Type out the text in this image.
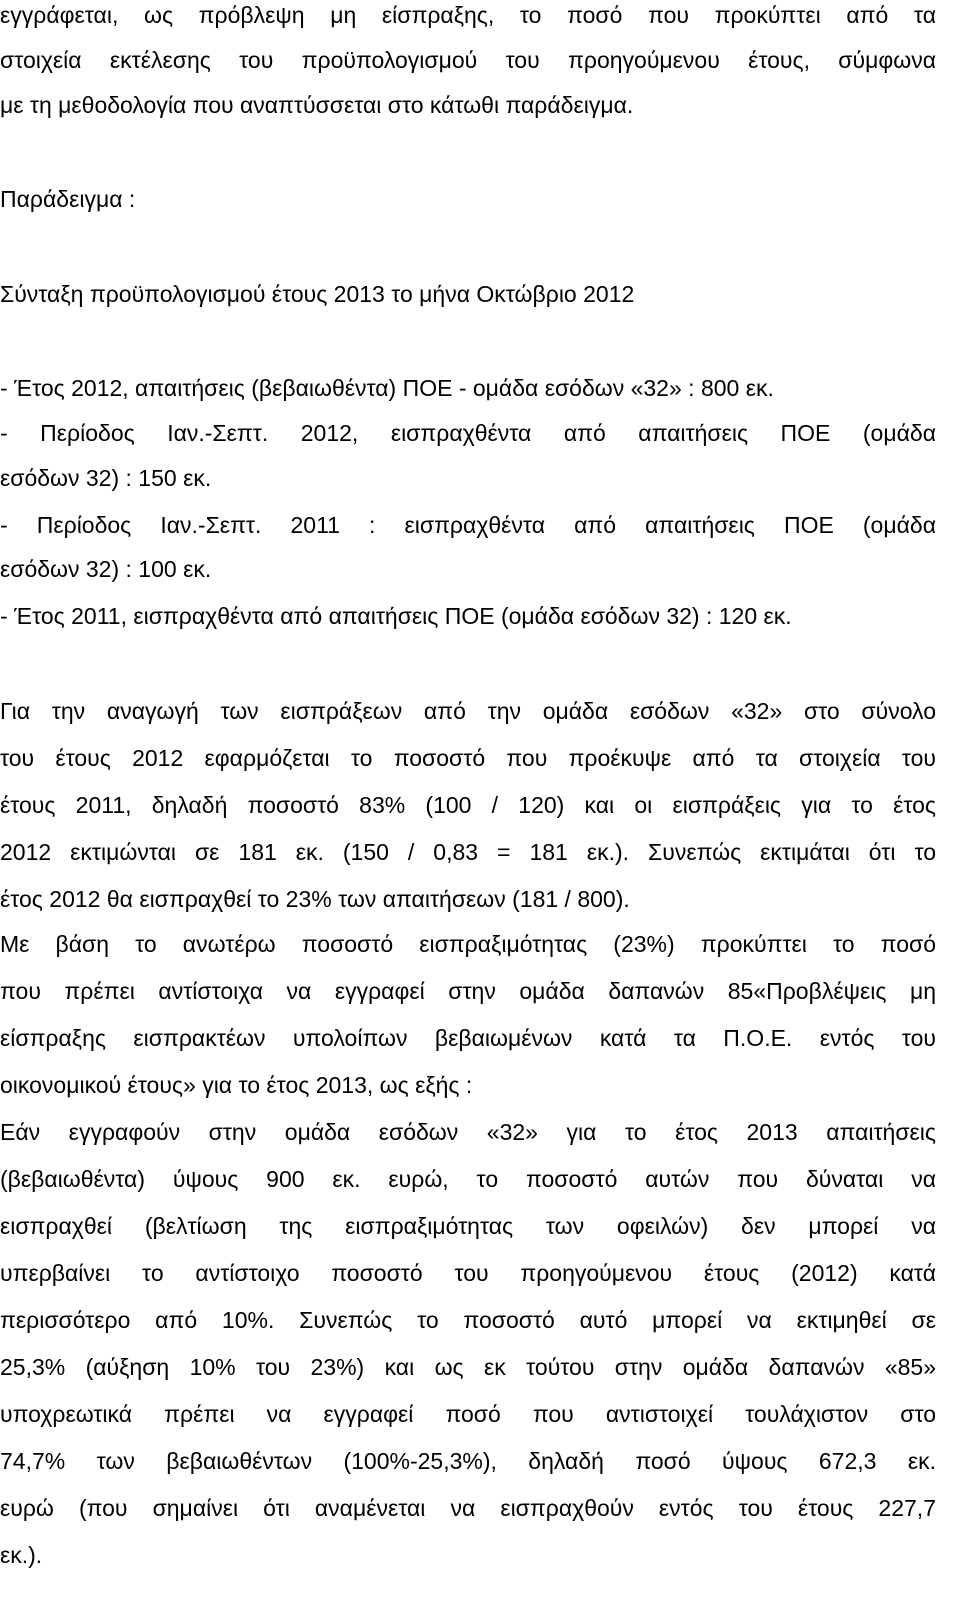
εγγράφεται, ως πρόβλεψη μη είσπραξης, το ποσό που προκύπτει από τα
στοιχεία εκτέλεσης του προϋπολογισμού του προηγούμενου έτους, σύμφωνα
με τη μεθοδολογία που αναπτύσσεται στο κάτωθι παράδειγμα.
Παράδειγμα :
Σύνταξη προϋπολογισμού έτους 2013 το μήνα Οκτώβριο 2012
- Έτος 2012, απαιτήσεις (βεβαιωθέντα) ΠΟΕ - ομάδα εσόδων «32» : 800 εκ.
- Περίοδος Ιαν.-Σεπτ. 2012, εισπραχθέντα από απαιτήσεις ΠΟΕ (ομάδα
εσόδων 32) : 150 εκ.
- Περίοδος Ιαν.-Σεπτ. 2011 : εισπραχθέντα από απαιτήσεις ΠΟΕ (ομάδα
εσόδων 32) : 100 εκ.
- Έτος 2011, εισπραχθέντα από απαιτήσεις ΠΟΕ (ομάδα εσόδων 32) : 120 εκ.
Για την αναγωγή των εισπράξεων από την ομάδα εσόδων «32» στο σύνολο
του έτους 2012 εφαρμόζεται το ποσοστό που προέκυψε από τα στοιχεία του
έτους 2011, δηλαδή ποσοστό 83% (100 / 120) και οι εισπράξεις για το έτος
2012 εκτιμώνται σε 181 εκ. (150 / 0,83 = 181 εκ.). Συνεπώς εκτιμάται ότι το
έτος 2012 θα εισπραχθεί το 23% των απαιτήσεων (181 / 800).
Με βάση το ανωτέρω ποσοστό εισπραξιμότητας (23%) προκύπτει το ποσό
που πρέπει αντίστοιχα να εγγραφεί στην ομάδα δαπανών 85«Προβλέψεις μη
είσπραξης εισπρακτέων υπολοίπων βεβαιωμένων κατά τα Π.Ο.Ε. εντός του
οικονομικού έτους» για το έτος 2013, ως εξής :
Εάν εγγραφούν στην ομάδα εσόδων «32» για το έτος 2013 απαιτήσεις
(βεβαιωθέντα) ύψους 900 εκ. ευρώ, το ποσοστό αυτών που δύναται να
εισπραχθεί (βελτίωση της εισπραξιμότητας των οφειλών) δεν μπορεί να
υπερβαίνει το αντίστοιχο ποσοστό του προηγούμενου έτους (2012) κατά
περισσότερο από 10%. Συνεπώς το ποσοστό αυτό μπορεί να εκτιμηθεί σε
25,3% (αύξηση 10% του 23%) και ως εκ τούτου στην ομάδα δαπανών «85»
υποχρεωτικά πρέπει να εγγραφεί ποσό που αντιστοιχεί τουλάχιστον στο
74,7% των βεβαιωθέντων (100%-25,3%), δηλαδή ποσό ύψους 672,3 εκ.
ευρώ (που σημαίνει ότι αναμένεται να εισπραχθούν εντός του έτους 227,7
εκ.).
